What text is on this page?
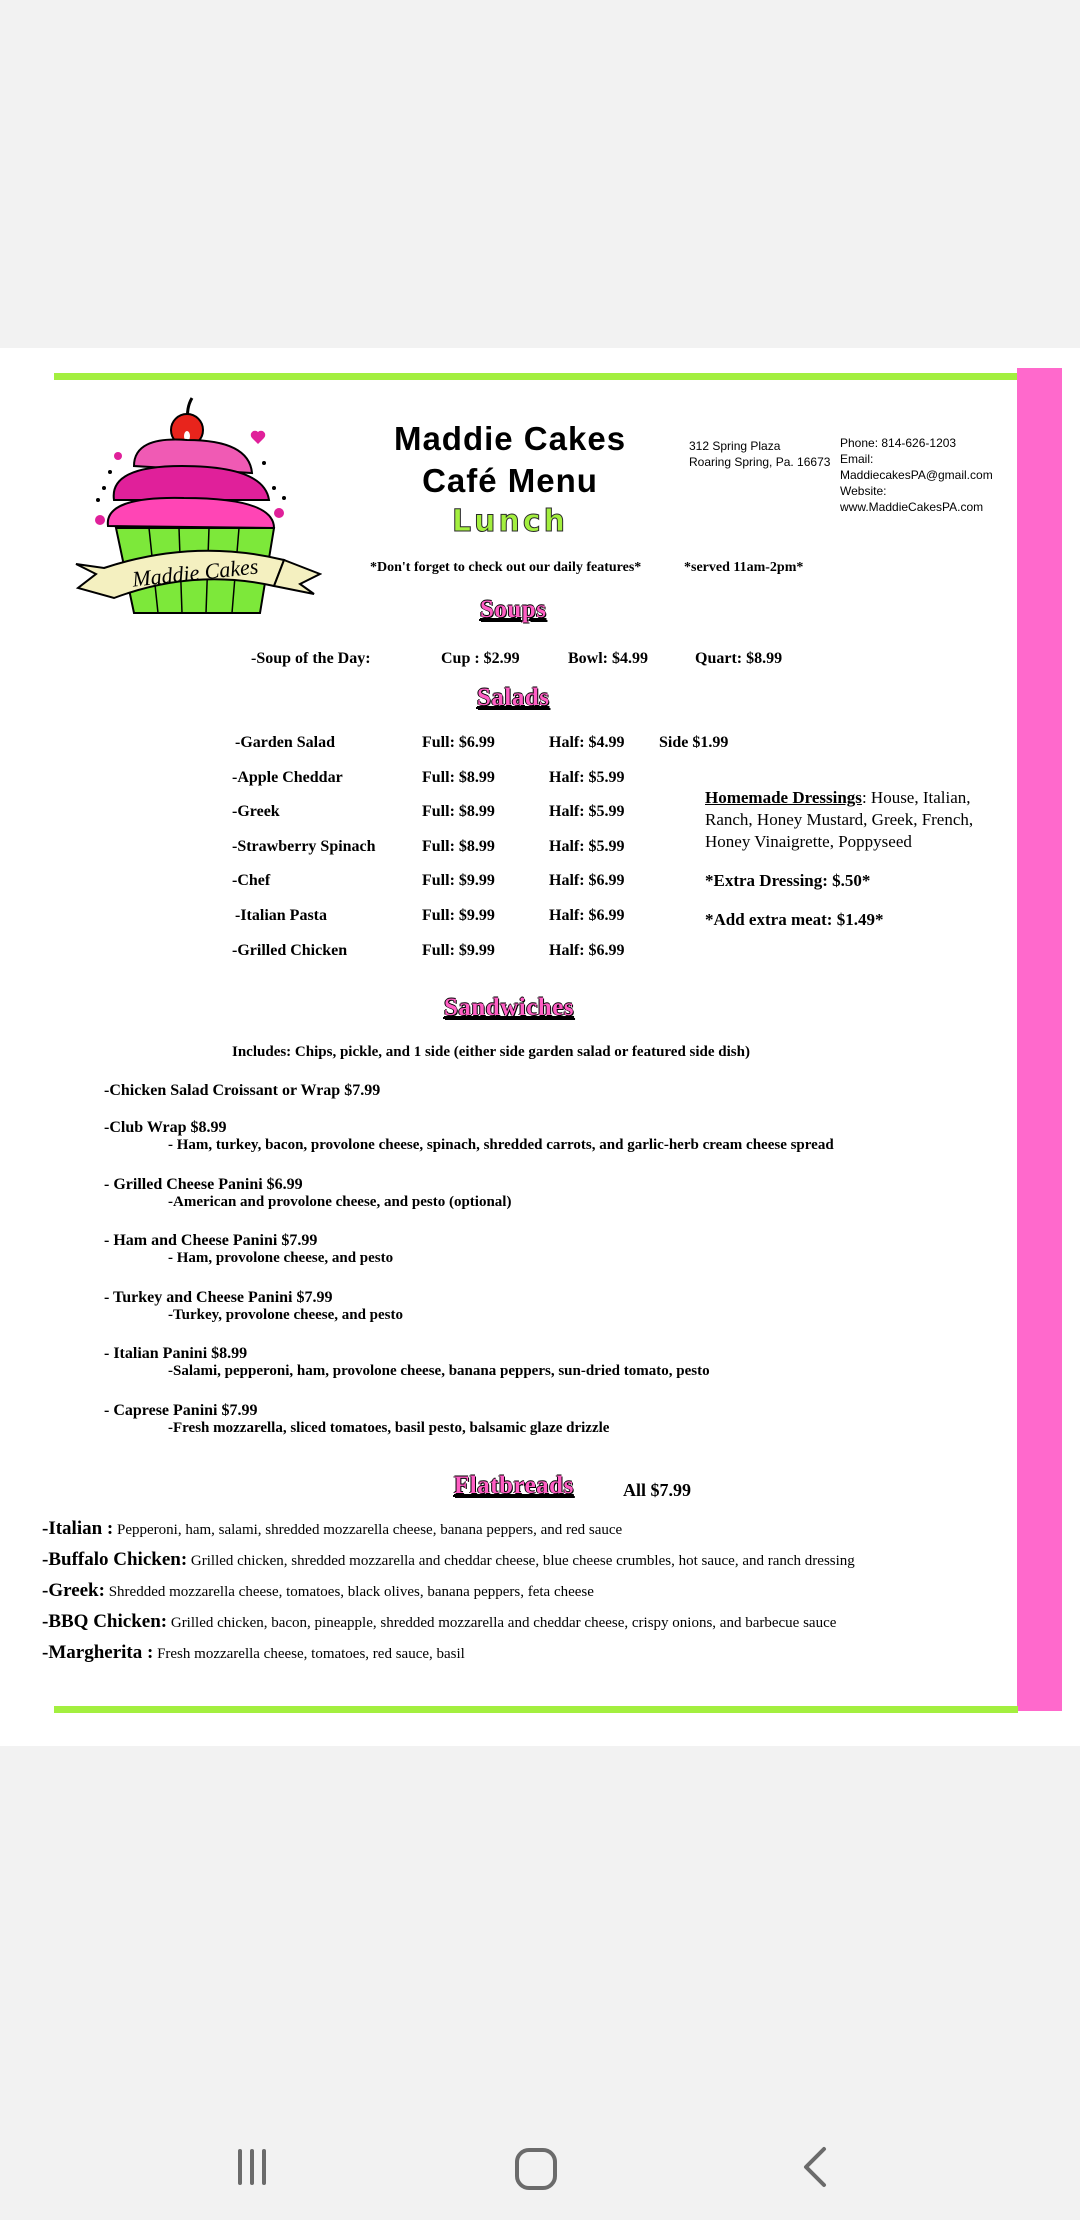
Maddie Cakes
Maddie Cakes
Café Menu
Lunch
312 Spring Plaza
Roaring Spring, Pa. 16673
Phone: 814-626-1203
Email:
MaddiecakesPA@gmail.com
Website:
www.MaddieCakesPA.com
*Don't forget to check out our daily features*	*served 11am-2pm*
Soups
-Soup of the Day:	Cup : $2.99	Bowl: $4.99	Quart: $8.99
Salads
-Garden Salad	Full: $6.99	Half: $4.99 Side $1.99
-Apple Cheddar	Full: $8.99	Half: $5.99
-Greek	Full: $8.99	Half: $5.99
-Strawberry Spinach	Full: $8.99	Half: $5.99
-Chef	Full: $9.99	Half: $6.99
-Italian Pasta	Full: $9.99	Half: $6.99
-Grilled Chicken	Full: $9.99	Half: $6.99
Homemade Dressings: House, Italian, Ranch, Honey Mustard, Greek, French, Honey Vinaigrette, Poppyseed
*Extra Dressing: $.50*
*Add extra meat: $1.49*
Sandwiches
Includes: Chips, pickle, and 1 side (either side garden salad or featured side dish)
-Chicken Salad Croissant or Wrap $7.99
-Club Wrap $8.99
- Ham, turkey, bacon, provolone cheese, spinach, shredded carrots, and garlic-herb cream cheese spread
- Grilled Cheese Panini $6.99
-American and provolone cheese, and pesto (optional)
- Ham and Cheese Panini $7.99
- Ham, provolone cheese, and pesto
- Turkey and Cheese Panini $7.99
-Turkey, provolone cheese, and pesto
- Italian Panini $8.99
-Salami, pepperoni, ham, provolone cheese, banana peppers, sun-dried tomato, pesto
- Caprese Panini $7.99
-Fresh mozzarella, sliced tomatoes, basil pesto, balsamic glaze drizzle
Flatbreads	All $7.99
-Italian : Pepperoni, ham, salami, shredded mozzarella cheese, banana peppers, and red sauce
-Buffalo Chicken: Grilled chicken, shredded mozzarella and cheddar cheese, blue cheese crumbles, hot sauce, and ranch dressing
-Greek: Shredded mozzarella cheese, tomatoes, black olives, banana peppers, feta cheese
-BBQ Chicken: Grilled chicken, bacon, pineapple, shredded mozzarella and cheddar cheese, crispy onions, and barbecue sauce
-Margherita : Fresh mozzarella cheese, tomatoes, red sauce, basil
